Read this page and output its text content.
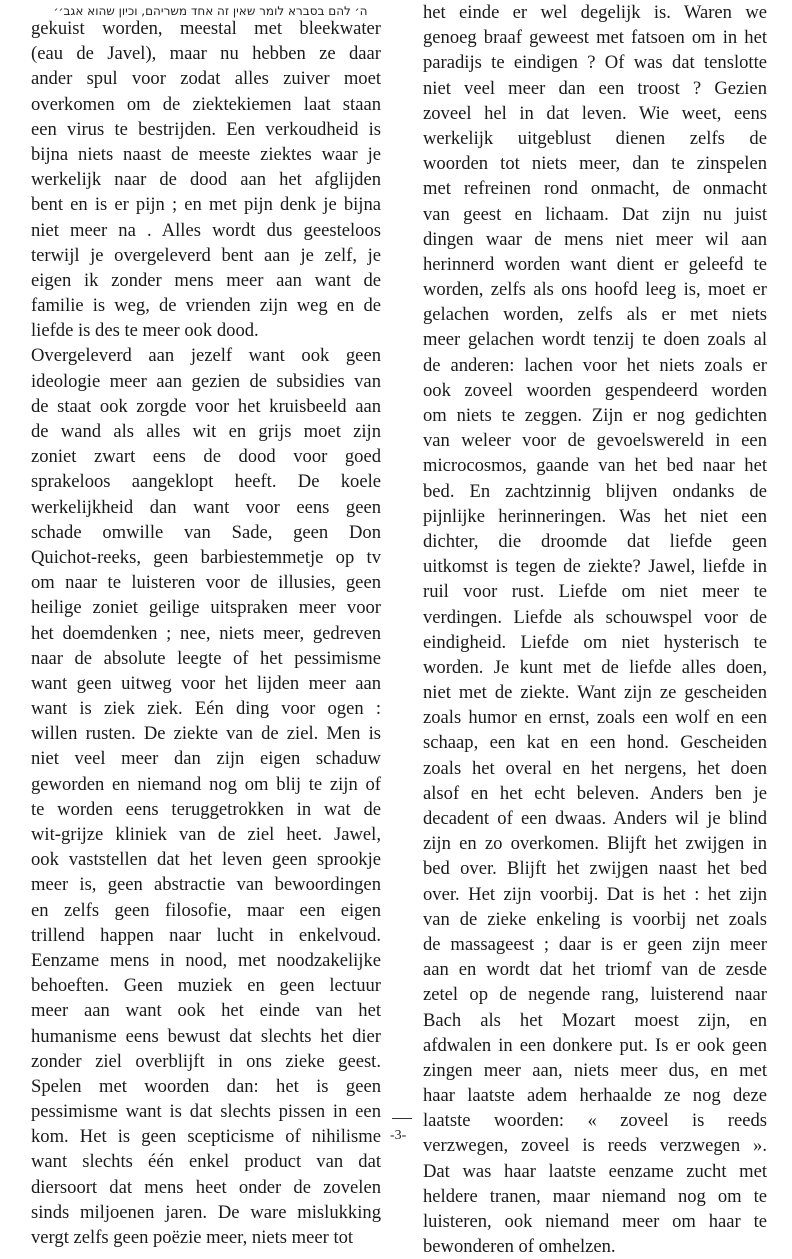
ה׳ להם בסברא לומר שאין זה אחד משריהם, וכיון שהוא אגב׳׳
gekuist worden, meestal met bleekwater
(eau de Javel), maar nu hebben ze daar
ander spul voor zodat alles zuiver moet
overkomen om de ziektekiemen laat staan
een virus te bestrijden. Een verkoudheid is
bijna niets naast de meeste ziektes waar je
werkelijk naar de dood aan het afglijden
bent en is er pijn ; en met pijn denk je bijna
niet meer na . Alles wordt dus geesteloos
terwijl je overgeleverd bent aan je zelf, je
eigen ik zonder mens meer aan want de
familie is weg, de vrienden zijn weg en de
liefde is des te meer ook dood.
Overgeleverd aan jezelf want ook geen
ideologie meer aan gezien de subsidies van
de staat ook zorgde voor het kruisbeeld aan
de wand als alles wit en grijs moet zijn
zoniet zwart eens de dood voor goed
sprakeloos aangeklopt heeft. De koele
werkelijkheid dan want voor eens geen
schade omwille van Sade, geen Don
Quichot-reeks, geen barbiestemmetje op tv
om naar te luisteren voor de illusies, geen
heilige zoniet geilige uitspraken meer voor
het doemdenken ; nee, niets meer, gedreven
naar de absolute leegte of het pessimisme
want geen uitweg voor het lijden meer aan
want is ziek ziek. Eén ding voor ogen :
willen rusten. De ziekte van de ziel. Men is
niet veel meer dan zijn eigen schaduw
geworden en niemand nog om blij te zijn of
te worden eens teruggetrokken in wat de
wit-grijze kliniek van de ziel heet. Jawel,
ook vaststellen dat het leven geen sprookje
meer is, geen abstractie van bewoordingen
en zelfs geen filosofie, maar een eigen
trillend happen naar lucht in enkelvoud.
Eenzame mens in nood, met noodzakelijke
behoeften. Geen muziek en geen lectuur
meer aan want ook het einde van het
humanisme eens bewust dat slechts het dier
zonder ziel overblijft in ons zieke geest.
Spelen met woorden dan: het is geen
pessimisme want is dat slechts pissen in een
kom. Het is geen scepticisme of nihilisme
want slechts één enkel product van dat
diersoort dat mens heet onder de zovelen
sinds miljoenen jaren. De ware mislukking
vergt zelfs geen poëzie meer, niets meer tot
het einde er wel degelijk is. Waren we
genoeg braaf geweest met fatsoen om in het
paradijs te eindigen ? Of was dat tenslotte
niet veel meer dan een troost ? Gezien
zoveel hel in dat leven. Wie weet, eens
werkelijk uitgeblust dienen zelfs de
woorden tot niets meer, dan te zinspelen
met refreinen rond onmacht, de onmacht
van geest en lichaam. Dat zijn nu juist
dingen waar de mens niet meer wil aan
herinnerd worden want dient er geleefd te
worden, zelfs als ons hoofd leeg is, moet er
gelachen worden, zelfs als er met niets
meer gelachen wordt tenzij te doen zoals al
de anderen: lachen voor het niets zoals er
ook zoveel woorden gespendeerd worden
om niets te zeggen. Zijn er nog gedichten
van weleer voor de gevoelswereld in een
microcosmos, gaande van het bed naar het
bed. En zachtzinnig blijven ondanks de
pijnlijke herinneringen. Was het niet een
dichter, die droomde dat liefde geen
uitkomst is tegen de ziekte? Jawel, liefde in
ruil voor rust. Liefde om niet meer te
verdingen. Liefde als schouwspel voor de
eindigheid. Liefde om niet hysterisch te
worden. Je kunt met de liefde alles doen,
niet met de ziekte. Want zijn ze gescheiden
zoals humor en ernst, zoals een wolf en een
schaap, een kat en een hond. Gescheiden
zoals het overal en het nergens, het doen
alsof en het echt beleven. Anders ben je
decadent of een dwaas. Anders wil je blind
zijn en zo overkomen. Blijft het zwijgen in
bed over. Blijft het zwijgen naast het bed
over. Het zijn voorbij. Dat is het : het zijn
van de zieke enkeling is voorbij net zoals
de massageest ; daar is er geen zijn meer
aan en wordt dat het triomf van de zesde
zetel op de negende rang, luisterend naar
Bach als het Mozart moest zijn, en
afdwalen in een donkere put. Is er ook geen
zingen meer aan, niets meer dus, en met
haar laatste adem herhaalde ze nog deze
laatste woorden: « zoveel is reeds
verzwegen, zoveel is reeds verzwegen ».
Dat was haar laatste eenzame zucht met
heldere tranen, maar niemand nog om te
luisteren, ook niemand meer om haar te
bewonderen of omhelzen.
-3-
